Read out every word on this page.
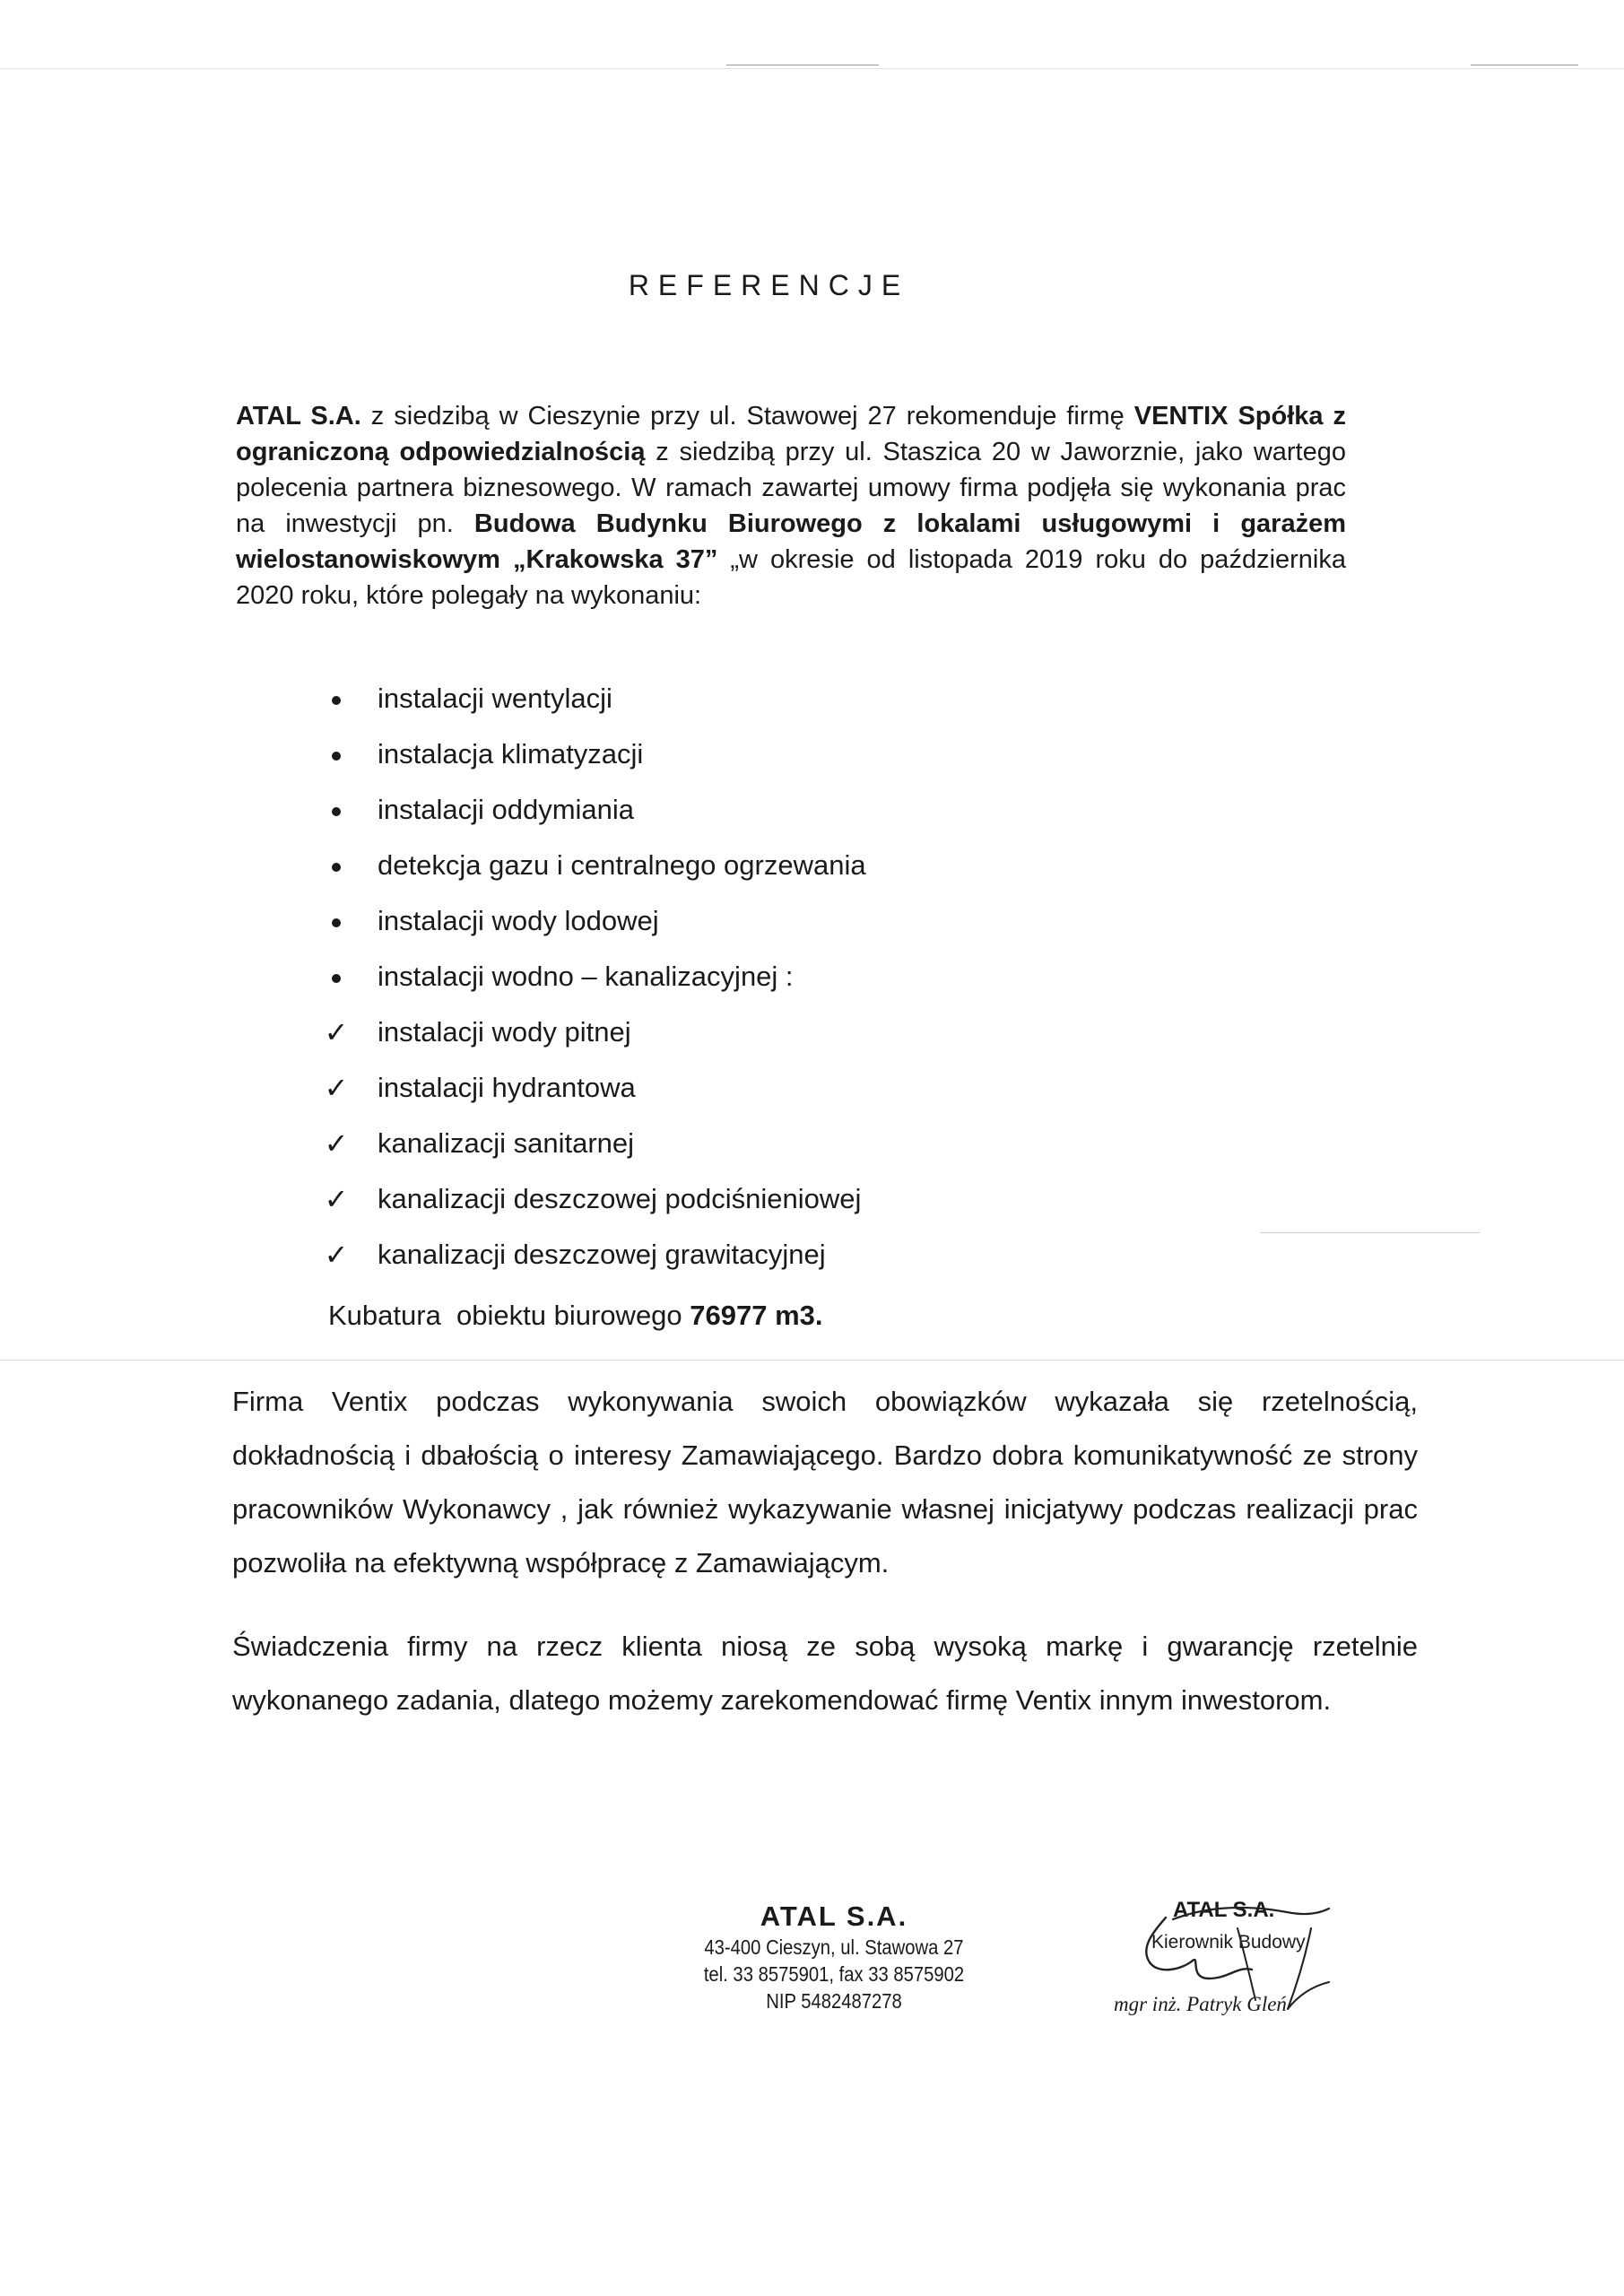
REFERENCJE

ATAL S.A. z siedzibą w Cieszynie przy ul. Stawowej 27 rekomenduje firmę VENTIX Spółka z ograniczoną odpowiedzialnością z siedzibą przy ul. Staszica 20 w Jaworznie, jako wartego polecenia partnera biznesowego. W ramach zawartej umowy firma podjęła się wykonania prac na inwestycji pn. Budowa Budynku Biurowego z lokalami usługowymi i garażem wielostanowiskowym „Krakowska 37” „w okresie od listopada 2019 roku do października 2020 roku, które polegały na wykonaniu:

instalacji wentylacji
instalacja klimatyzacji
instalacji oddymiania
detekcja gazu i centralnego ogrzewania
instalacji wody lodowej
instalacji wodno – kanalizacyjnej :
✓ instalacji wody pitnej
✓ instalacji hydrantowa
✓ kanalizacji sanitarnej
✓ kanalizacji deszczowej podciśnieniowej
✓ kanalizacji deszczowej grawitacyjnej
Kubatura  obiektu biurowego 76977 m3.

Firma Ventix podczas wykonywania swoich obowiązków wykazała się rzetelnością, dokładnością i dbałością o interesy Zamawiającego. Bardzo dobra komunikatywność ze strony pracowników Wykonawcy , jak również wykazywanie własnej inicjatywy podczas realizacji prac pozwoliła na efektywną współpracę z Zamawiającym.

Świadczenia firmy na rzecz klienta niosą ze sobą wysoką markę i gwarancję rzetelnie wykonanego zadania, dlatego możemy zarekomendować firmę Ventix innym inwestorom.

ATAL S.A.
43-400 Cieszyn, ul. Stawowa 27
tel. 33 8575901, fax 33 8575902
NIP 5482487278
ATAL S.A.
Kierownik Budowy
mgr inż. Patryk Gleń
